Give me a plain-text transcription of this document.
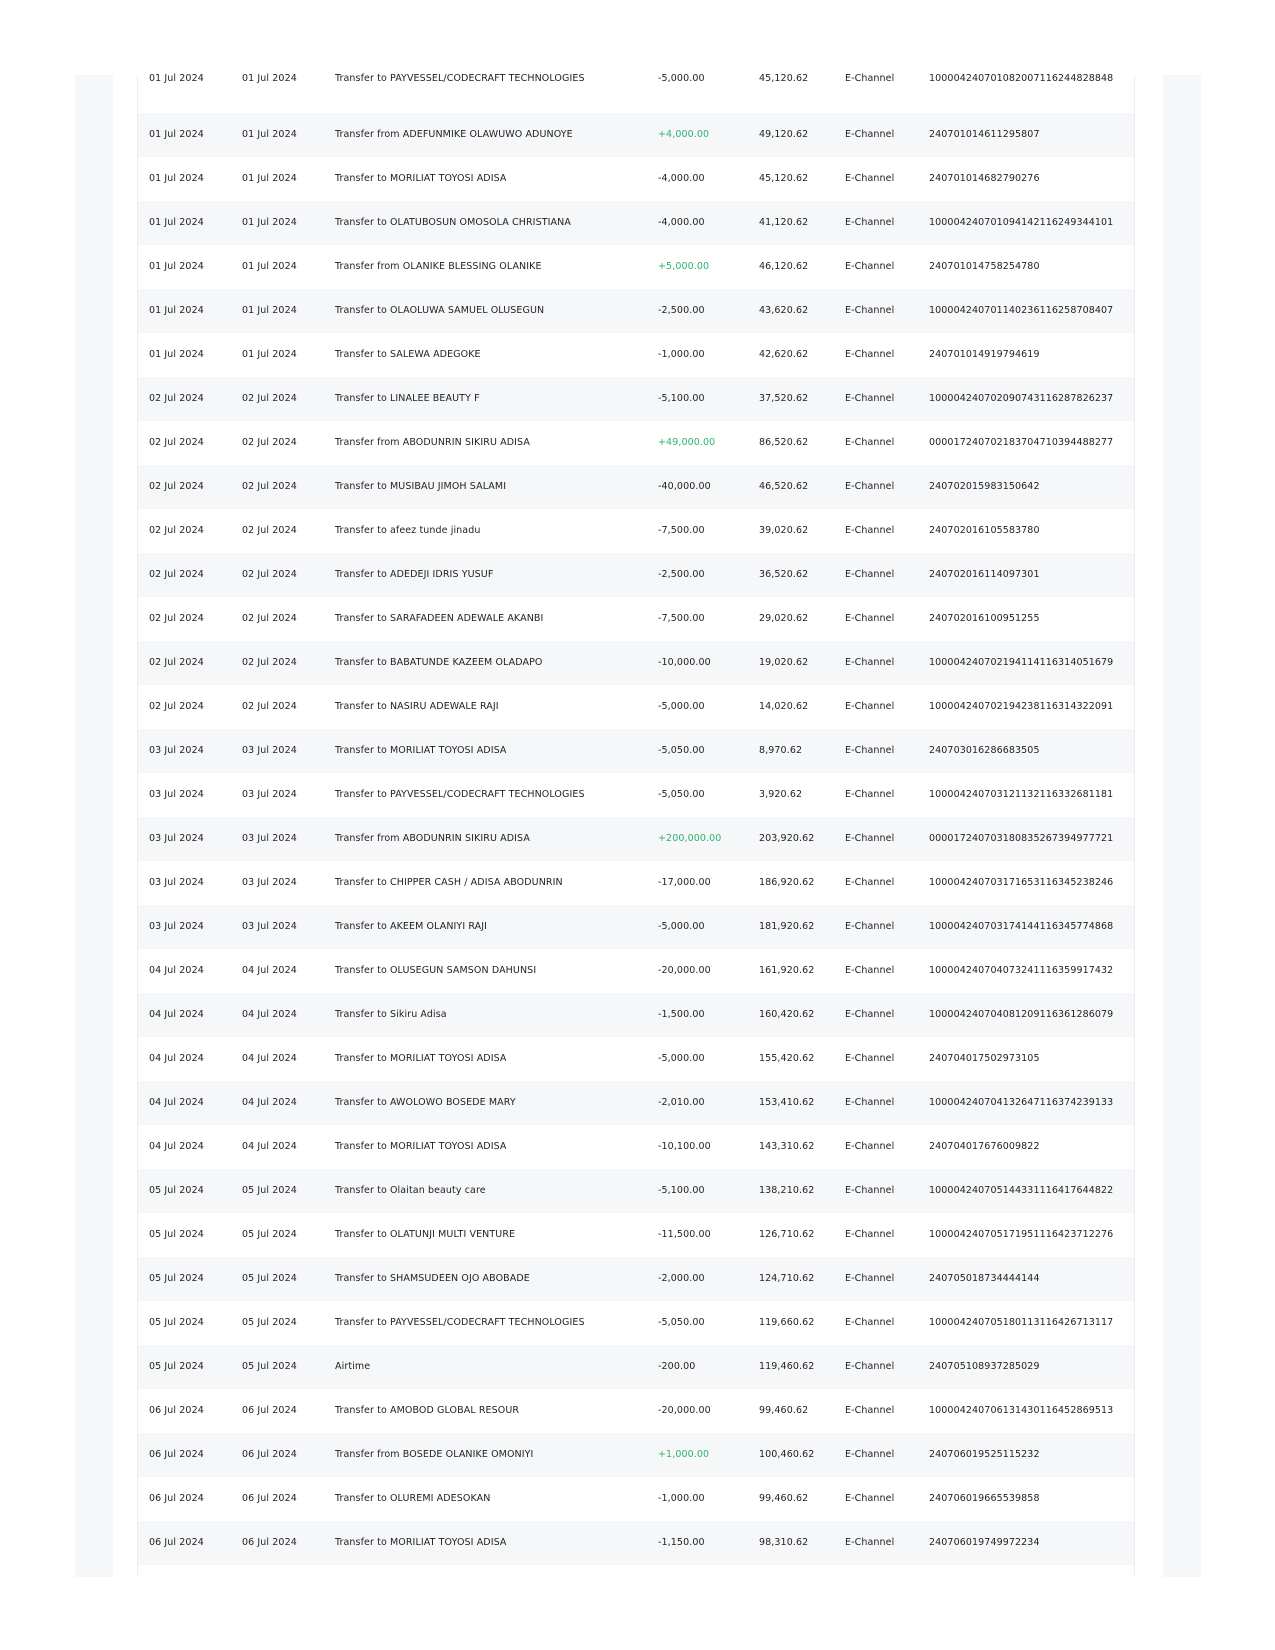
01 Jul 2024	01 Jul 2024	Transfer to PAYVESSEL/CODECRAFT TECHNOLOGIES	-5,000.00	45,120.62	E-Channel	100004240701082007116244828848
01 Jul 2024	01 Jul 2024	Transfer from ADEFUNMIKE OLAWUWO ADUNOYE	+4,000.00	49,120.62	E-Channel	240701014611295807
01 Jul 2024	01 Jul 2024	Transfer to MORILIAT TOYOSI ADISA	-4,000.00	45,120.62	E-Channel	240701014682790276
01 Jul 2024	01 Jul 2024	Transfer to OLATUBOSUN OMOSOLA CHRISTIANA	-4,000.00	41,120.62	E-Channel	100004240701094142116249344101
01 Jul 2024	01 Jul 2024	Transfer from OLANIKE BLESSING OLANIKE	+5,000.00	46,120.62	E-Channel	240701014758254780
01 Jul 2024	01 Jul 2024	Transfer to OLAOLUWA SAMUEL OLUSEGUN	-2,500.00	43,620.62	E-Channel	100004240701140236116258708407
01 Jul 2024	01 Jul 2024	Transfer to SALEWA ADEGOKE	-1,000.00	42,620.62	E-Channel	240701014919794619
02 Jul 2024	02 Jul 2024	Transfer to LINALEE BEAUTY F	-5,100.00	37,520.62	E-Channel	100004240702090743116287826237
02 Jul 2024	02 Jul 2024	Transfer from ABODUNRIN SIKIRU ADISA	+49,000.00	86,520.62	E-Channel	000017240702183704710394488277
02 Jul 2024	02 Jul 2024	Transfer to MUSIBAU JIMOH SALAMI	-40,000.00	46,520.62	E-Channel	240702015983150642
02 Jul 2024	02 Jul 2024	Transfer to afeez tunde jinadu	-7,500.00	39,020.62	E-Channel	240702016105583780
02 Jul 2024	02 Jul 2024	Transfer to ADEDEJI IDRIS YUSUF	-2,500.00	36,520.62	E-Channel	240702016114097301
02 Jul 2024	02 Jul 2024	Transfer to SARAFADEEN ADEWALE AKANBI	-7,500.00	29,020.62	E-Channel	240702016100951255
02 Jul 2024	02 Jul 2024	Transfer to BABATUNDE KAZEEM OLADAPO	-10,000.00	19,020.62	E-Channel	100004240702194114116314051679
02 Jul 2024	02 Jul 2024	Transfer to NASIRU ADEWALE RAJI	-5,000.00	14,020.62	E-Channel	100004240702194238116314322091
03 Jul 2024	03 Jul 2024	Transfer to MORILIAT TOYOSI ADISA	-5,050.00	8,970.62	E-Channel	240703016286683505
03 Jul 2024	03 Jul 2024	Transfer to PAYVESSEL/CODECRAFT TECHNOLOGIES	-5,050.00	3,920.62	E-Channel	100004240703121132116332681181
03 Jul 2024	03 Jul 2024	Transfer from ABODUNRIN SIKIRU ADISA	+200,000.00	203,920.62	E-Channel	000017240703180835267394977721
03 Jul 2024	03 Jul 2024	Transfer to CHIPPER CASH / ADISA ABODUNRIN	-17,000.00	186,920.62	E-Channel	100004240703171653116345238246
03 Jul 2024	03 Jul 2024	Transfer to AKEEM OLANIYI RAJI	-5,000.00	181,920.62	E-Channel	100004240703174144116345774868
04 Jul 2024	04 Jul 2024	Transfer to OLUSEGUN SAMSON DAHUNSI	-20,000.00	161,920.62	E-Channel	100004240704073241116359917432
04 Jul 2024	04 Jul 2024	Transfer to Sikiru Adisa	-1,500.00	160,420.62	E-Channel	100004240704081209116361286079
04 Jul 2024	04 Jul 2024	Transfer to MORILIAT TOYOSI ADISA	-5,000.00	155,420.62	E-Channel	240704017502973105
04 Jul 2024	04 Jul 2024	Transfer to AWOLOWO BOSEDE MARY	-2,010.00	153,410.62	E-Channel	100004240704132647116374239133
04 Jul 2024	04 Jul 2024	Transfer to MORILIAT TOYOSI ADISA	-10,100.00	143,310.62	E-Channel	240704017676009822
05 Jul 2024	05 Jul 2024	Transfer to Olaitan beauty care	-5,100.00	138,210.62	E-Channel	100004240705144331116417644822
05 Jul 2024	05 Jul 2024	Transfer to OLATUNJI MULTI VENTURE	-11,500.00	126,710.62	E-Channel	100004240705171951116423712276
05 Jul 2024	05 Jul 2024	Transfer to SHAMSUDEEN OJO ABOBADE	-2,000.00	124,710.62	E-Channel	240705018734444144
05 Jul 2024	05 Jul 2024	Transfer to PAYVESSEL/CODECRAFT TECHNOLOGIES	-5,050.00	119,660.62	E-Channel	100004240705180113116426713117
05 Jul 2024	05 Jul 2024	Airtime	-200.00	119,460.62	E-Channel	240705108937285029
06 Jul 2024	06 Jul 2024	Transfer to AMOBOD GLOBAL RESOUR	-20,000.00	99,460.62	E-Channel	100004240706131430116452869513
06 Jul 2024	06 Jul 2024	Transfer from BOSEDE OLANIKE OMONIYI	+1,000.00	100,460.62	E-Channel	240706019525115232
06 Jul 2024	06 Jul 2024	Transfer to OLUREMI ADESOKAN	-1,000.00	99,460.62	E-Channel	240706019665539858
06 Jul 2024	06 Jul 2024	Transfer to MORILIAT TOYOSI ADISA	-1,150.00	98,310.62	E-Channel	240706019749972234
